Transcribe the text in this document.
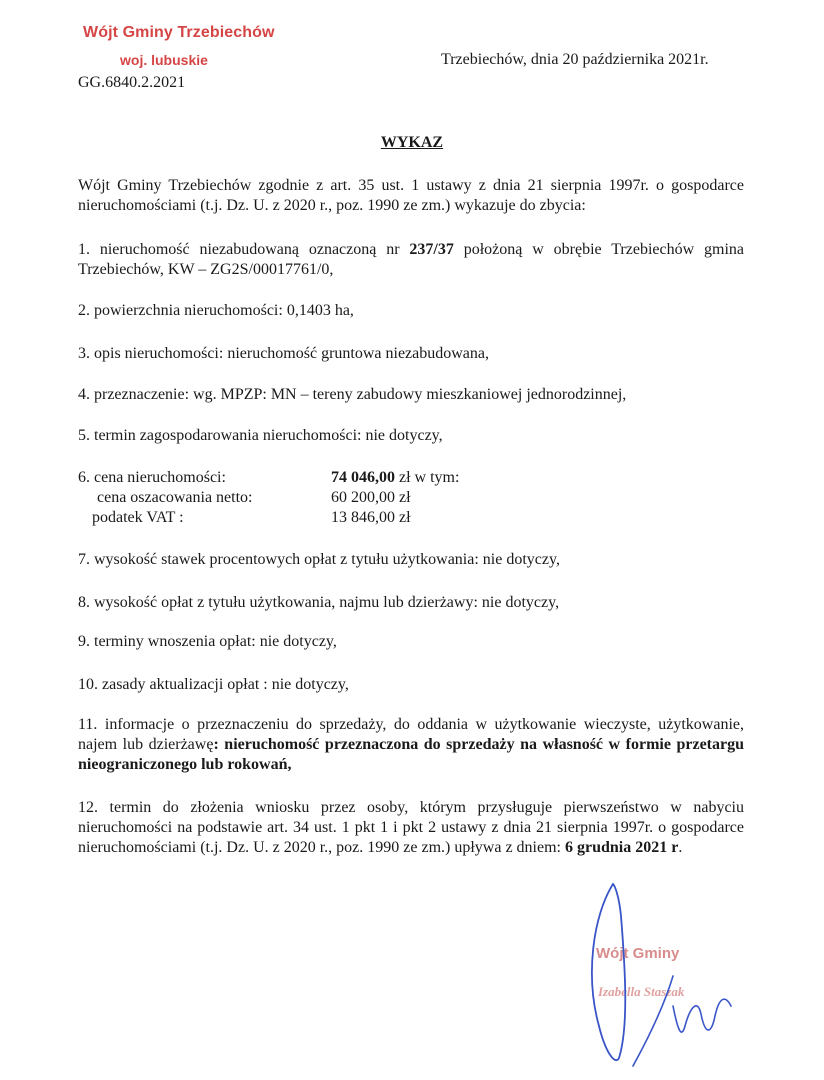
Wójt Gminy Trzebiechów
woj. lubuskie
GG.6840.2.2021
Trzebiechów, dnia 20 października 2021r.
WYKAZ

Wójt Gminy Trzebiechów zgodnie z art. 35 ust. 1 ustawy z dnia 21 sierpnia 1997r. o gospodarce nieruchomościami (t.j. Dz. U. z 2020 r., poz. 1990 ze zm.) wykazuje do zbycia:

1. nieruchomość niezabudowaną oznaczoną nr 237/37 położoną w obrębie Trzebiechów gmina Trzebiechów, KW – ZG2S/00017761/0,

2. powierzchnia nieruchomości: 0,1403 ha,

3. opis nieruchomości: nieruchomość gruntowa niezabudowana,

4. przeznaczenie: wg. MPZP: MN – tereny zabudowy mieszkaniowej jednorodzinnej,

5. termin zagospodarowania nieruchomości: nie dotyczy,

6. cena nieruchomości:	74 046,00 zł w tym:
cena oszacowania netto:	60 200,00 zł
podatek VAT :	13 846,00 zł

7. wysokość stawek procentowych opłat z tytułu użytkowania: nie dotyczy,

8. wysokość opłat z tytułu użytkowania, najmu lub dzierżawy: nie dotyczy,

9. terminy wnoszenia opłat: nie dotyczy,

10. zasady aktualizacji opłat : nie dotyczy,

11. informacje o przeznaczeniu do sprzedaży, do oddania w użytkowanie wieczyste, użytkowanie, najem lub dzierżawę: nieruchomość przeznaczona do sprzedaży na własność w formie przetargu nieograniczonego lub rokowań,

12. termin do złożenia wniosku przez osoby, którym przysługuje pierwszeństwo w nabyciu nieruchomości na podstawie art. 34 ust. 1 pkt 1 i pkt 2 ustawy z dnia 21 sierpnia 1997r. o gospodarce nieruchomościami (t.j. Dz. U. z 2020 r., poz. 1990 ze zm.) upływa z dniem: 6 grudnia 2021 r.

Wójt Gminy
Izabella Staszak
